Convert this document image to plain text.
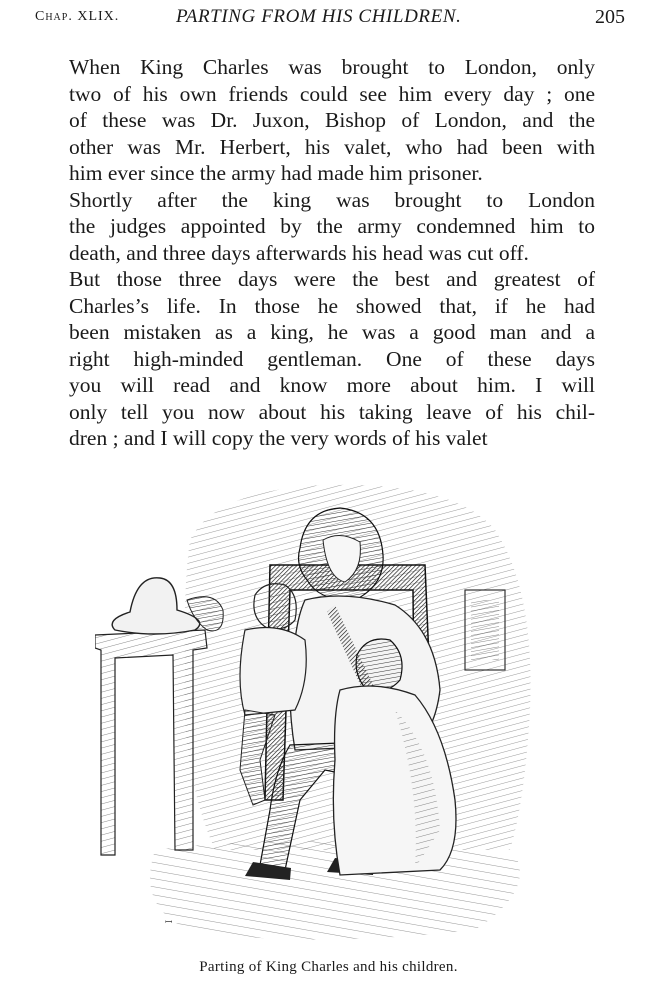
Chap. XLIX.	PARTING FROM HIS CHILDREN.	205

When King Charles was brought to London, only
two of his own friends could see him every day ; one
of these was Dr. Juxon, Bishop of London, and the
other was Mr. Herbert, his valet, who had been with
him ever since the army had made him prisoner.

Shortly after the king was brought to London
the judges appointed by the army condemned him to
death, and three days afterwards his head was cut off.

But those three days were the best and greatest of
Charles’s life. In those he showed that, if he had
been mistaken as a king, he was a good man and a
right high-minded gentleman. One of these days
you will read and know more about him. I will
only tell you now about his taking leave of his chil-
dren ; and I will copy the very words of his valet

ꟷ
Parting of King Charles and his children.
